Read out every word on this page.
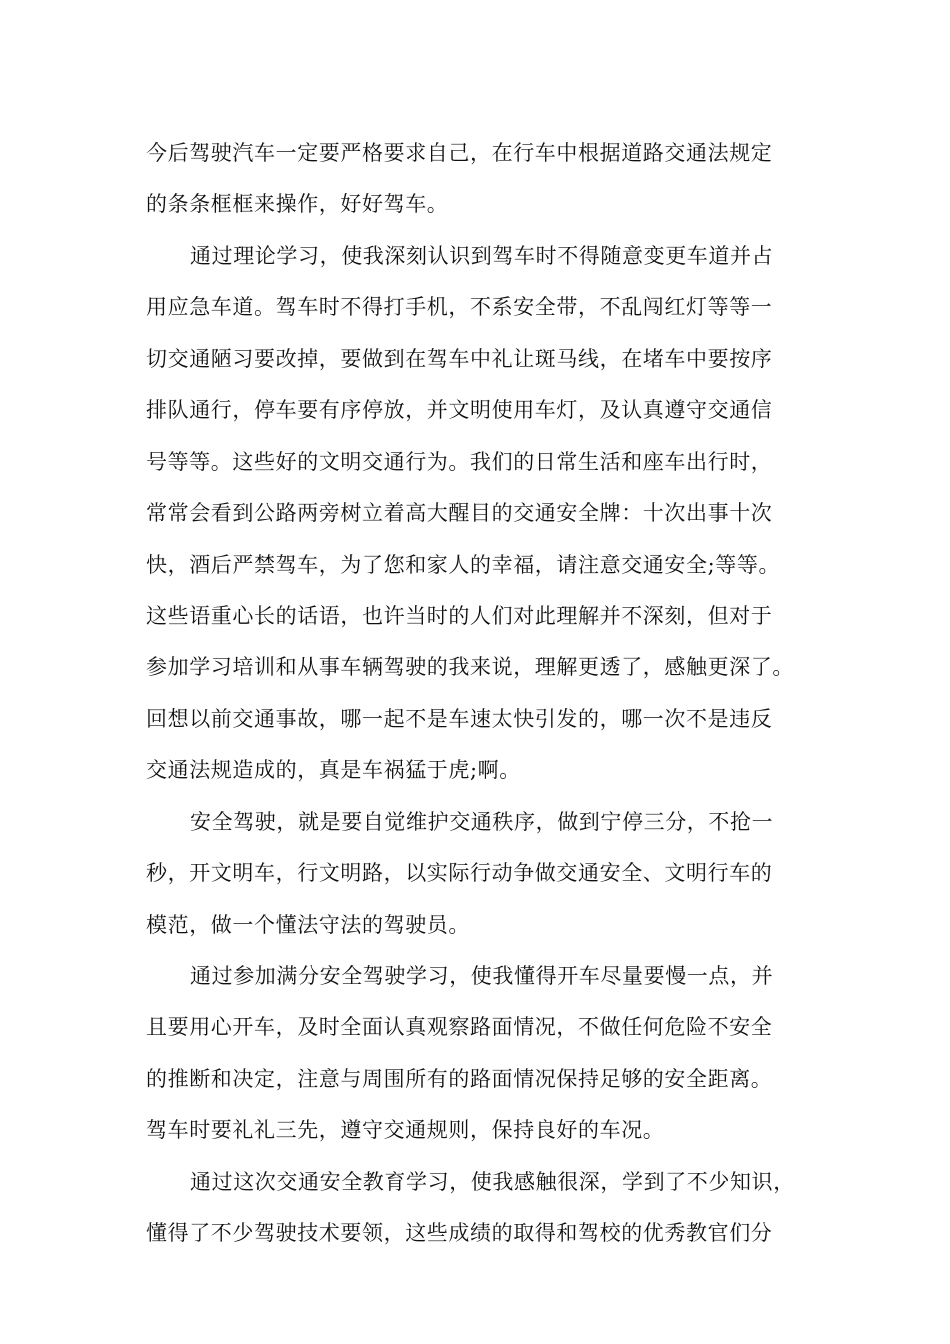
今后驾驶汽车一定要严格要求自己，在行车中根据道路交通法规定
的条条框框来操作，好好驾车。
通过理论学习，使我深刻认识到驾车时不得随意变更车道并占
用应急车道。驾车时不得打手机，不系安全带，不乱闯红灯等等一
切交通陋习要改掉，要做到在驾车中礼让斑马线，在堵车中要按序
排队通行，停车要有序停放，并文明使用车灯，及认真遵守交通信
号等等。这些好的文明交通行为。我们的日常生活和座车出行时，
常常会看到公路两旁树立着高大醒目的交通安全牌：十次出事十次
快，酒后严禁驾车，为了您和家人的幸福，请注意交通安全;等等。
这些语重心长的话语，也许当时的人们对此理解并不深刻，但对于
参加学习培训和从事车辆驾驶的我来说，理解更透了，感触更深了。
回想以前交通事故，哪一起不是车速太快引发的，哪一次不是违反
交通法规造成的，真是车祸猛于虎;啊。
安全驾驶，就是要自觉维护交通秩序，做到宁停三分，不抢一
秒，开文明车，行文明路，以实际行动争做交通安全、文明行车的
模范，做一个懂法守法的驾驶员。
通过参加满分安全驾驶学习，使我懂得开车尽量要慢一点，并
且要用心开车，及时全面认真观察路面情况，不做任何危险不安全
的推断和决定，注意与周围所有的路面情况保持足够的安全距离。
驾车时要礼礼三先，遵守交通规则，保持良好的车况。
通过这次交通安全教育学习，使我感触很深，学到了不少知识，
懂得了不少驾驶技术要领，这些成绩的取得和驾校的优秀教官们分
